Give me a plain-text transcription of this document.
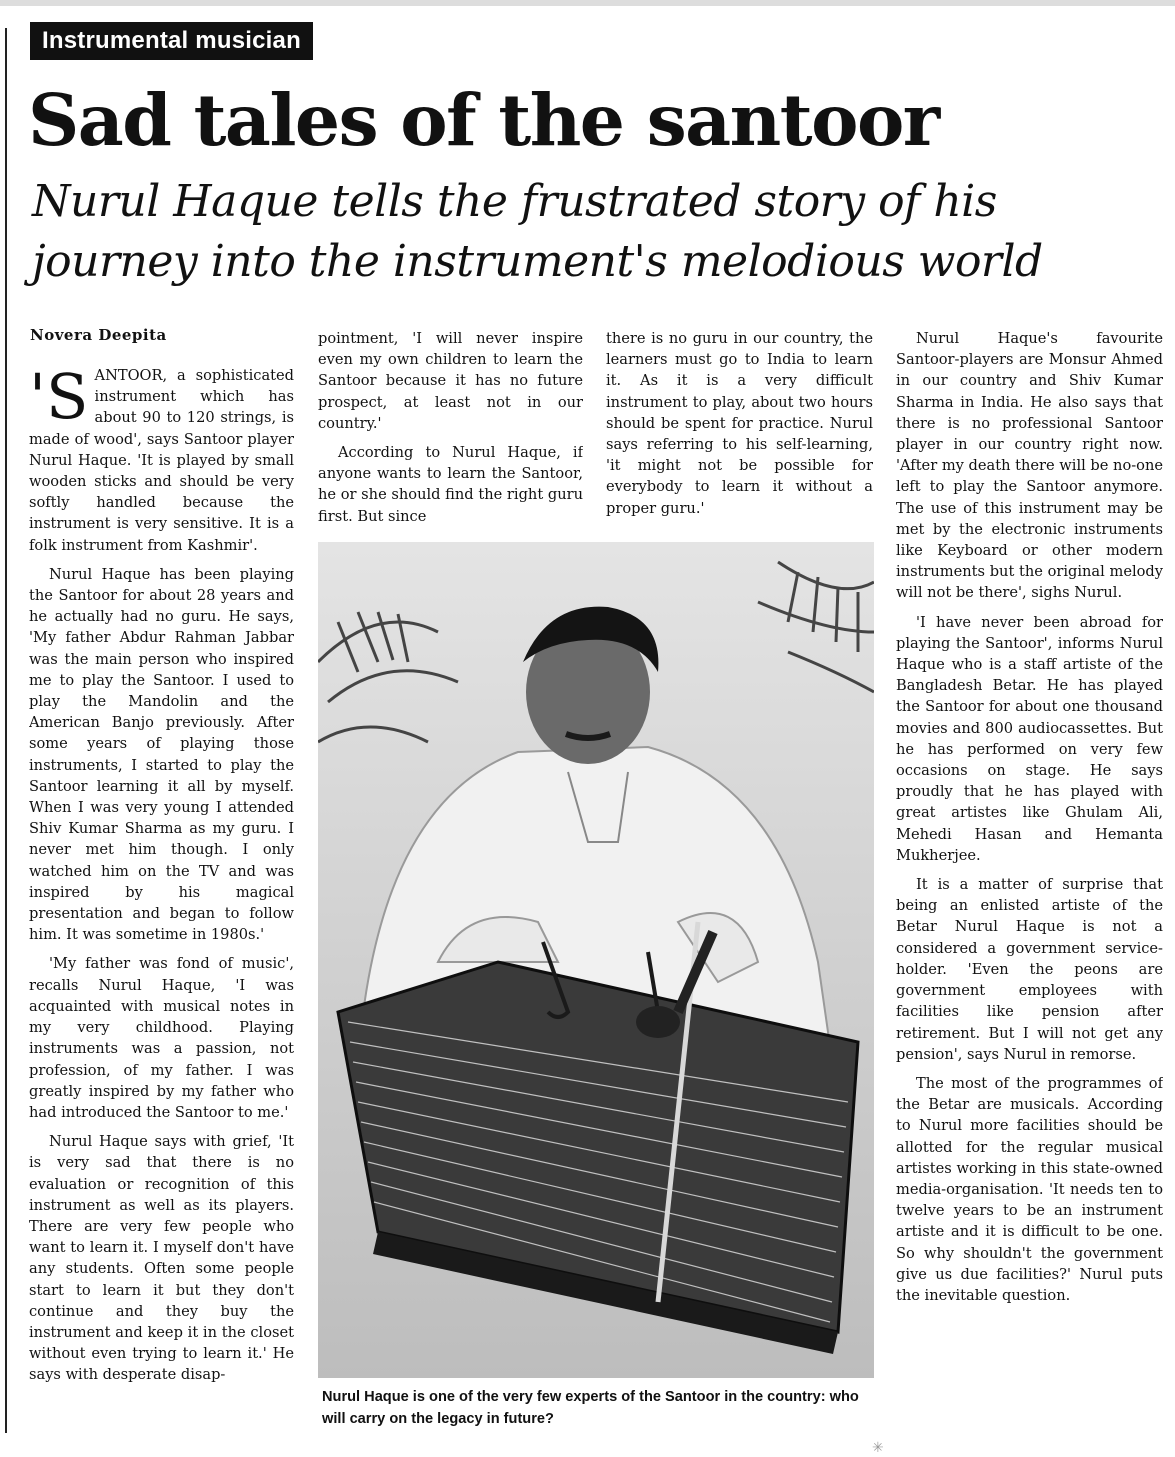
Instrumental musician
Sad tales of the santoor

Nurul Haque tells the frustrated story of his journey into the instrument's melodious world

Novera Deepita

'S ANTOOR, a sophisticated instrument which has about 90 to 120 strings, is made of wood', says Santoor player Nurul Haque. 'It is played by small wooden sticks and should be very softly handled because the instrument is very sensitive. It is a folk instrument from Kashmir'.

Nurul Haque has been playing the Santoor for about 28 years and he actually had no guru. He says, 'My father Abdur Rahman Jabbar was the main person who inspired me to play the Santoor. I used to play the Mandolin and the American Banjo previously. After some years of playing those instruments, I started to play the Santoor learning it all by myself. When I was very young I attended Shiv Kumar Sharma as my guru. I never met him though. I only watched him on the TV and was inspired by his magical presentation and began to follow him. It was sometime in 1980s.'

'My father was fond of music', recalls Nurul Haque, 'I was acquainted with musical notes in my very childhood. Playing instruments was a passion, not profession, of my father. I was greatly inspired by my father who had introduced the Santoor to me.'

Nurul Haque says with grief, 'It is very sad that there is no evaluation or recognition of this instrument as well as its players. There are very few people who want to learn it. I myself don't have any students. Often some people start to learn it but they don't continue and they buy the instrument and keep it in the closet without even trying to learn it.' He says with desperate disap-

pointment, 'I will never inspire even my own children to learn the Santoor because it has no future prospect, at least not in our country.'

According to Nurul Haque, if anyone wants to learn the Santoor, he or she should find the right guru first. But since

there is no guru in our country, the learners must go to India to learn it. As it is a very difficult instrument to play, about two hours should be spent for practice. Nurul says referring to his self-learning, 'it might not be possible for everybody to learn it without a proper guru.'

Nurul Haque's favourite Santoor-players are Monsur Ahmed in our country and Shiv Kumar Sharma in India. He also says that there is no professional Santoor player in our country right now. 'After my death there will be no-one left to play the Santoor anymore. The use of this instrument may be met by the electronic instruments like Keyboard or other modern instruments but the original melody will not be there', sighs Nurul.

'I have never been abroad for playing the Santoor', informs Nurul Haque who is a staff artiste of the Bangladesh Betar. He has played the Santoor for about one thousand movies and 800 audiocassettes. But he has performed on very few occasions on stage. He says proudly that he has played with great artistes like Ghulam Ali, Mehedi Hasan and Hemanta Mukherjee.

It is a matter of surprise that being an enlisted artiste of the Betar Nurul Haque is not a considered a government service-holder. 'Even the peons are government employees with facilities like pension after retirement. But I will not get any pension', says Nurul in remorse.

The most of the programmes of the Betar are musicals. According to Nurul more facilities should be allotted for the regular musical artistes working in this state-owned media-organisation. 'It needs ten to twelve years to be an instrument artiste and it is difficult to be one. So why shouldn't the government give us due facilities?' Nurul puts the inevitable question.

Nurul Haque is one of the very few experts of the Santoor in the country: who will carry on the legacy in future?

✳
